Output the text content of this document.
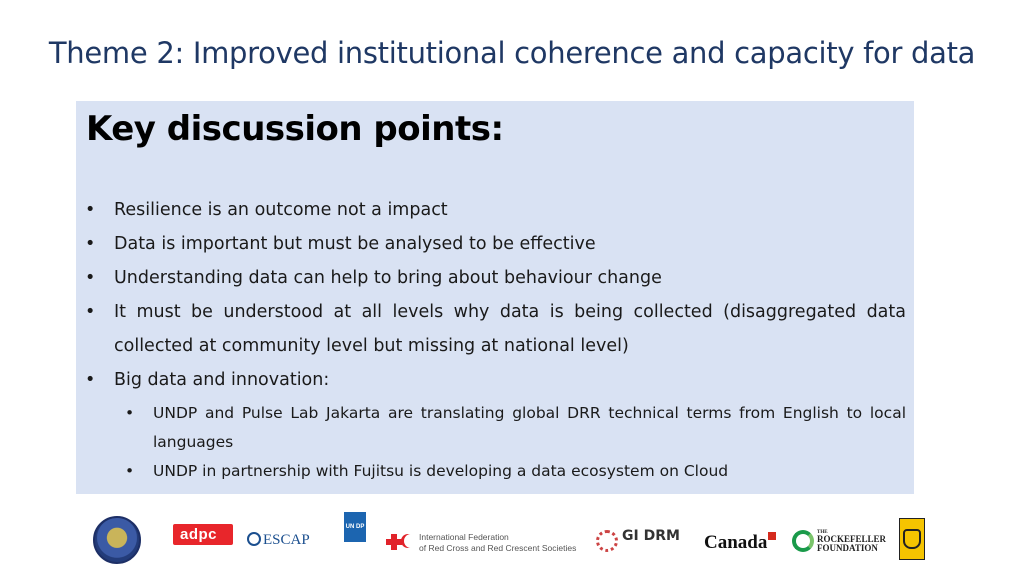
Theme 2: Improved institutional coherence and capacity for data
Key discussion points:
• Resilience is an outcome not a impact
• Data is important but must be analysed to be effective
• Understanding data can help to bring about behaviour change
• It must be understood at all levels why data is being collected (disaggregated data collected at community level but missing at national level)
• Big data and innovation:
• UNDP and Pulse Lab Jakarta are translating global DRR technical terms from English to local languages
• UNDP in partnership with Fujitsu is developing a data ecosystem on Cloud
adpc
	ESCAP
UN DP
International Federation
of Red Cross and Red Crescent Societies
GI DRM Canada	THE
ROCKEFELLER
FOUNDATION
